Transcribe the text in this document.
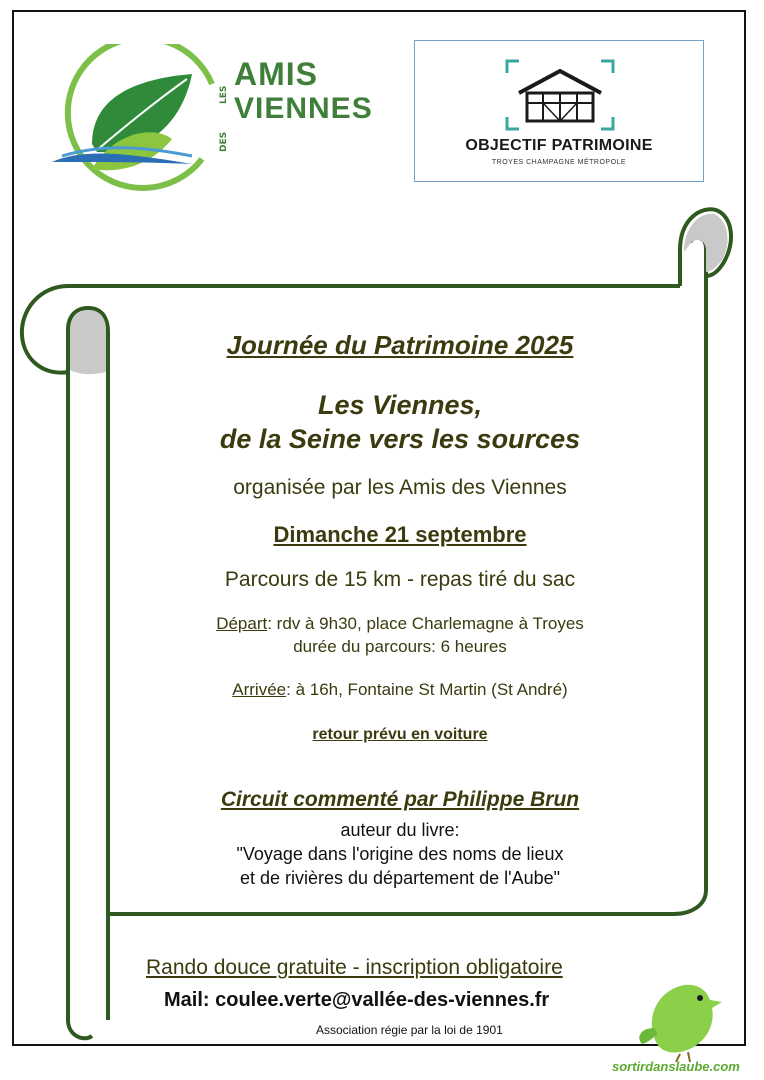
LES
AMIS
DES
VIENNES
OBJECTIF PATRIMOINE
TROYES CHAMPAGNE MÉTROPOLE
Journée du Patrimoine 2025
Les Viennes,
de la Seine vers les sources
organisée par les Amis des Viennes
Dimanche 21 septembre
Parcours de 15 km - repas tiré du sac
Départ: rdv à 9h30, place Charlemagne à Troyes
durée du parcours: 6 heures
Arrivée: à 16h, Fontaine St Martin (St André)
retour prévu en voiture
Circuit commenté par Philippe Brun
auteur du livre:
"Voyage dans l'origine des noms de lieux
et de rivières du département de l'Aube"
Rando douce gratuite - inscription obligatoire
Mail: coulee.verte@vallée-des-viennes.fr
Association régie par la loi de 1901
sortirdanslaube.com
